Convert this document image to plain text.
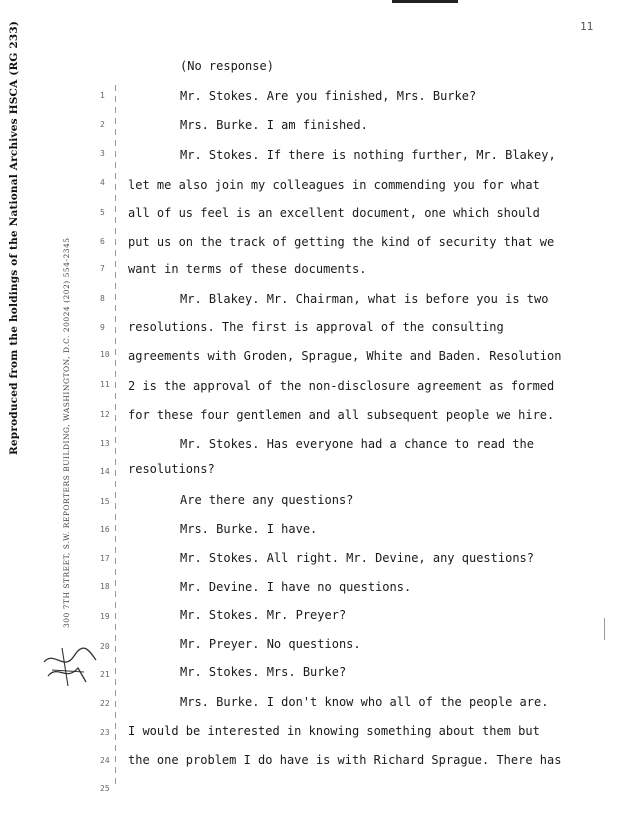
11
Reproduced from the holdings of the National Archives HSCA (RG 233)	300 7TH STREET, S.W. REPORTERS BUILDING, WASHINGTON, D.C. 20024 (202) 554-2345
1
2
3
4
5
6
7
8
9
10
11
12
13
14
15
16
17
18
19
20
21
22
23
24
25
(No response)
Mr. Stokes. Are you finished, Mrs. Burke?
Mrs. Burke. I am finished.
Mr. Stokes. If there is nothing further, Mr. Blakey,
let me also join my colleagues in commending you for what
all of us feel is an excellent document, one which should
put us on the track of getting the kind of security that we
want in terms of these documents.
Mr. Blakey. Mr. Chairman, what is before you is two
resolutions. The first is approval of the consulting
agreements with Groden, Sprague, White and Baden. Resolution
2 is the approval of the non-disclosure agreement as formed
for these four gentlemen and all subsequent people we hire.
Mr. Stokes. Has everyone had a chance to read the
resolutions?
Are there any questions?
Mrs. Burke. I have.
Mr. Stokes. All right. Mr. Devine, any questions?
Mr. Devine. I have no questions.
Mr. Stokes. Mr. Preyer?
Mr. Preyer. No questions.
Mr. Stokes. Mrs. Burke?
Mrs. Burke. I don't know who all of the people are.
I would be interested in knowing something about them but
the one problem I do have is with Richard Sprague. There has
